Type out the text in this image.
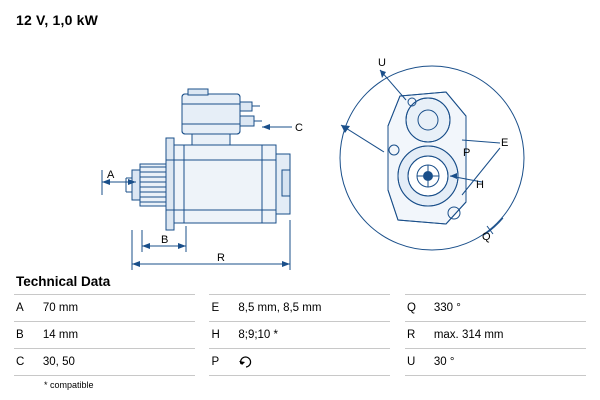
12 V, 1,0 kW
C
A
B
R
U
E
P
H
Q
Technical Data
A	70 mm		E	8,5 mm, 8,5 mm		Q	330 °
B	14 mm		H	8;9;10 *		R	max. 314 mm
C	30, 50		P			U	30 °
* compatible
